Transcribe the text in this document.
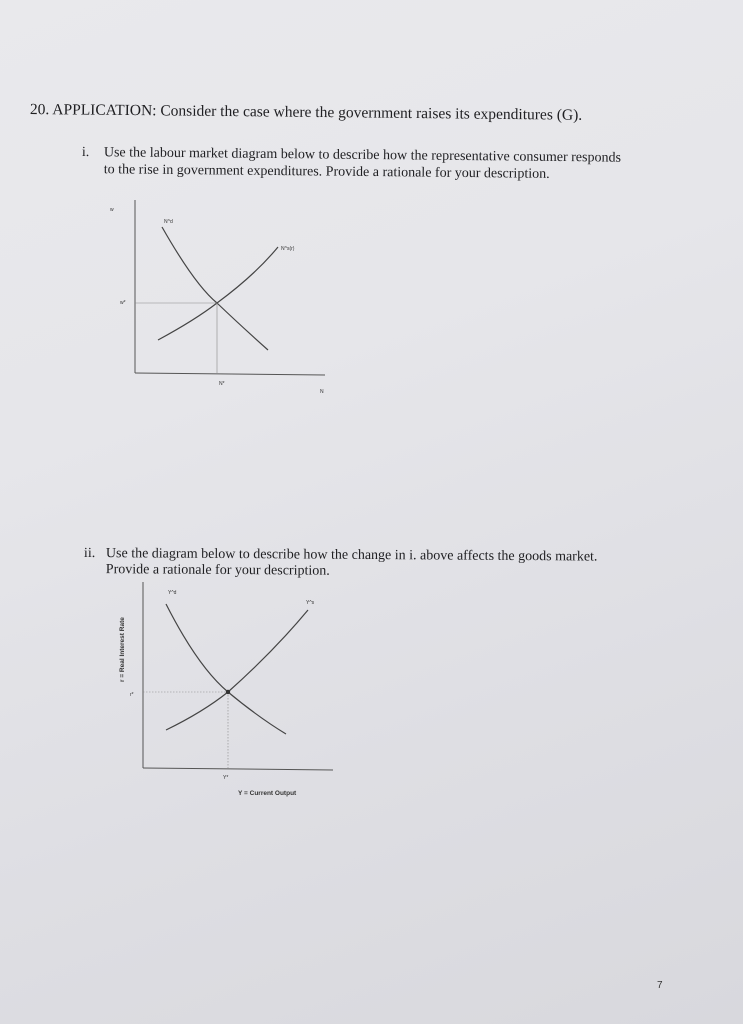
20. APPLICATION: Consider the case where the government raises its expenditures (G).
i. Use the labour market diagram below to describe how the representative consumer responds
to the rise in government expenditures. Provide a rationale for your description.
w
N
N^d
N^s(r)
w*
N*
ii. Use the diagram below to describe how the change in i. above affects the goods market.
Provide a rationale for your description.
Y^d
Y^s
r*
Y*
Y = Current Output
r = Real Interest Rate
7
